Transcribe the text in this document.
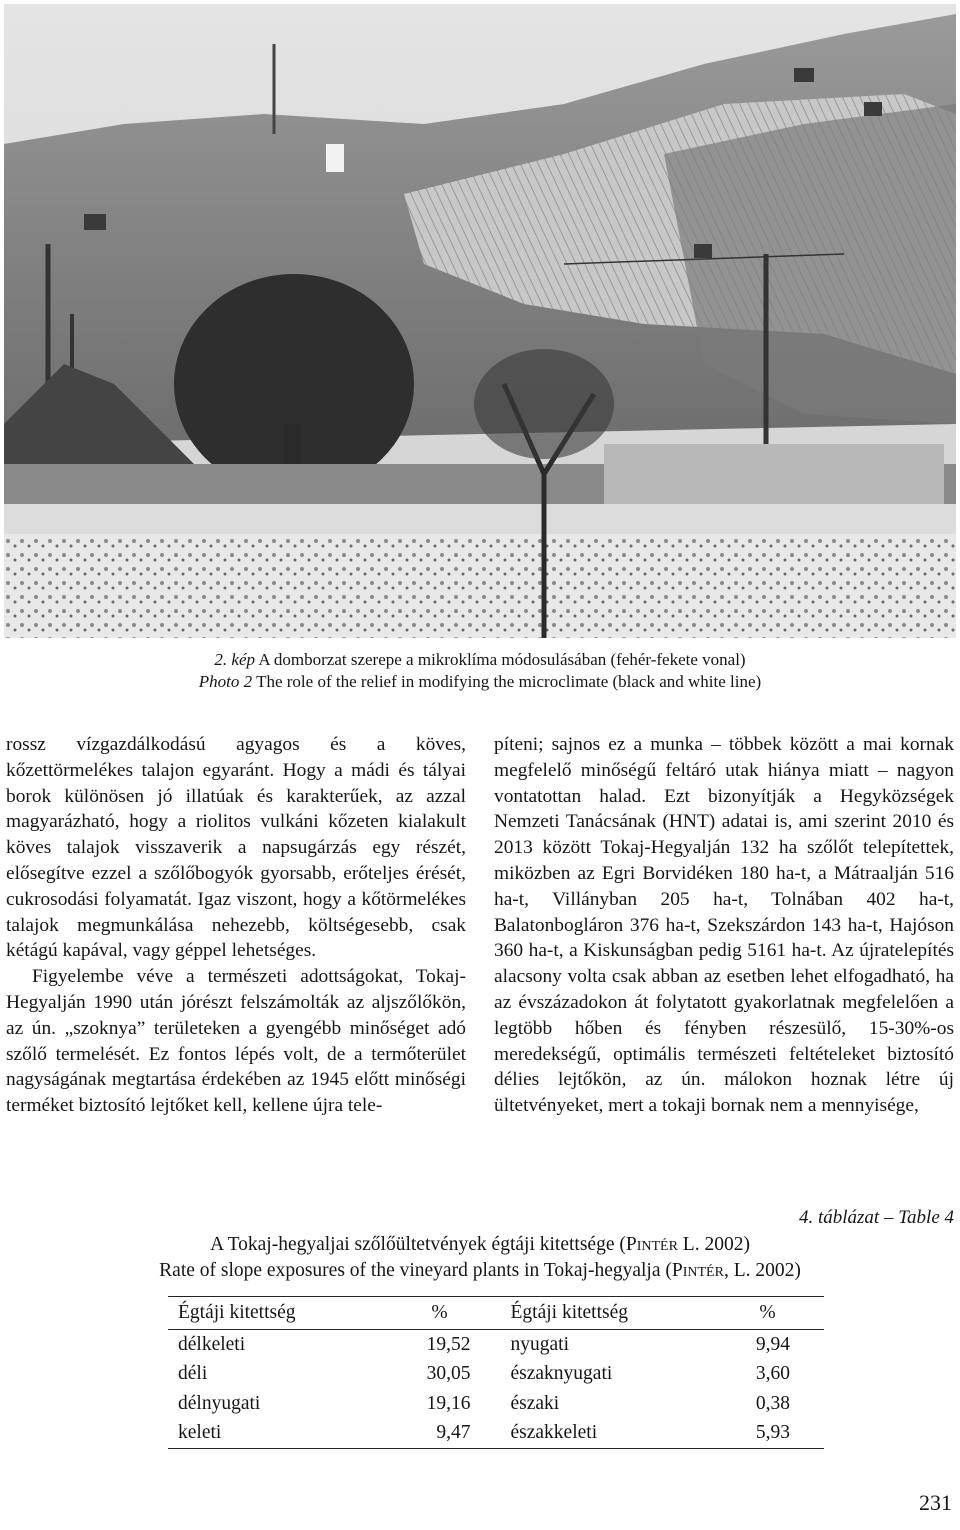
2. kép A domborzat szerepe a mikroklíma módosulásában (fehér-fekete vonal)
Photo 2 The role of the relief in modifying the microclimate (black and white line)

rossz vízgazdálkodású agyagos és a köves, kőzettörmelékes talajon egyaránt. Hogy a mádi és tályai borok különösen jó illatúak és karakterűek, az azzal magyarázható, hogy a riolitos vulkáni kőzeten kialakult köves talajok visszaverik a napsugárzás egy részét, elősegítve ezzel a szőlőbogyók gyorsabb, erőteljes érését, cukrosodási folyamatát. Igaz viszont, hogy a kőtörmelékes talajok megmunkálása nehezebb, költségesebb, csak kétágú kapával, vagy géppel lehetséges.

Figyelembe véve a természeti adottságokat, Tokaj-Hegyalján 1990 után jórészt felszámolták az aljszőlőkön, az ún. „szoknya” területeken a gyengébb minőséget adó szőlő termelését. Ez fontos lépés volt, de a termőterület nagyságának megtartása érdekében az 1945 előtt minőségi terméket biztosító lejtőket kell, kellene újra tele-

píteni; sajnos ez a munka – többek között a mai kornak megfelelő minőségű feltáró utak hiánya miatt – nagyon vontatottan halad. Ezt bizonyítják a Hegyközségek Nemzeti Tanácsának (HNT) adatai is, ami szerint 2010 és 2013 között Tokaj-Hegyalján 132 ha szőlőt telepítettek, miközben az Egri Borvidéken 180 ha-t, a Mátraalján 516 ha-t, Villányban 205 ha-t, Tolnában 402 ha-t, Balatonbogláron 376 ha-t, Szekszárdon 143 ha-t, Hajóson 360 ha-t, a Kiskunságban pedig 5161 ha-t. Az újratelepítés alacsony volta csak abban az esetben lehet elfogadható, ha az évszázadokon át folytatott gyakorlatnak megfelelően a legtöbb hőben és fényben részesülő, 15-30%-os meredekségű, optimális természeti feltételeket biztosító délies lejtőkön, az ún. málokon hoznak létre új ültetvényeket, mert a tokaji bornak nem a mennyisége,

4. táblázat – Table 4
A Tokaj-hegyaljai szőlőültetvények égtáji kitettsége (Pintér L. 2002)
Rate of slope exposures of the vineyard plants in Tokaj-hegyalja (Pintér, L. 2002)
Égtáji kitettség	%	Égtáji kitettség	%
délkeleti	19,52	nyugati	9,94
déli	30,05	északnyugati	3,60
délnyugati	19,16	északi	0,38
keleti	9,47	északkeleti	5,93
231
